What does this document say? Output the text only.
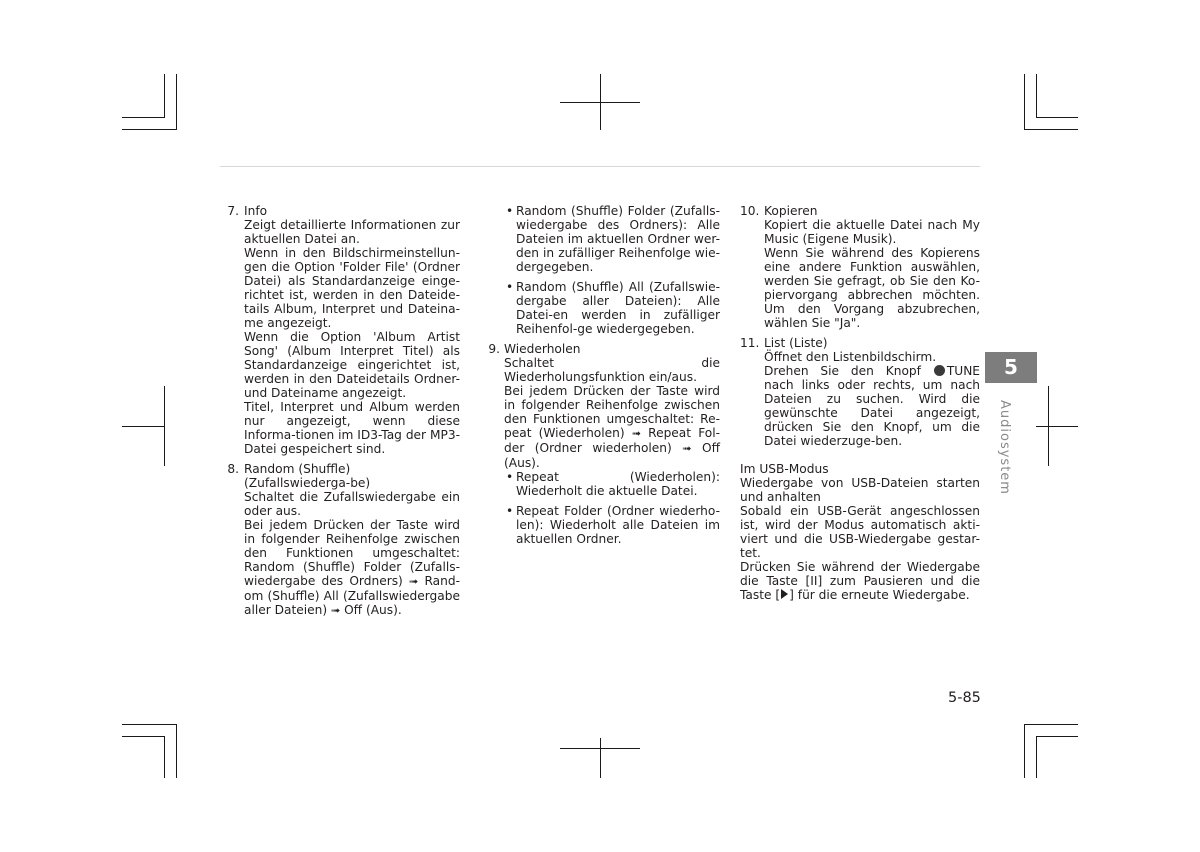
7. Info

Zeigt detaillierte Informationen zur aktuellen Datei an.

Wenn in den Bildschirmeinstellun-gen die Option 'Folder File' (Ordner Datei) als Standardanzeige einge-richtet ist, werden in den Dateide-tails Album, Interpret und Dateina-me angezeigt.

Wenn die Option 'Album Artist Song' (Album Interpret Titel) als Standardanzeige eingerichtet ist, werden in den Dateidetails Ordner- und Dateiname angezeigt.

Titel, Interpret und Album werden nur angezeigt, wenn diese Informa-tionen im ID3-Tag der MP3-Datei gespeichert sind.

8. Random (Shuffle) (Zufallswiederga-be)

Schaltet die Zufallswiedergabe ein oder aus.

Bei jedem Drücken der Taste wird in folgender Reihenfolge zwischen den Funktionen umgeschaltet: Random (Shuffle) Folder (Zufalls-wiedergabe des Ordners) ➟ Rand-om (Shuffle) All (Zufallswiedergabe aller Dateien) ➟ Off (Aus).

• Random (Shuffle) Folder (Zufalls-wiedergabe des Ordners): Alle Dateien im aktuellen Ordner wer-den in zufälliger Reihenfolge wie-dergegeben.
• Random (Shuffle) All (Zufallswie-dergabe aller Dateien): Alle Datei-en werden in zufälliger Reihenfol-ge wiedergegeben.
9. Wiederholen

Schaltet die Wiederholungsfunktion ein/aus.

Bei jedem Drücken der Taste wird in folgender Reihenfolge zwischen den Funktionen umgeschaltet: Re-peat (Wiederholen) ➟ Repeat Fol-der (Ordner wiederholen) ➟ Off (Aus).

• Repeat (Wiederholen): Wiederholt die aktuelle Datei.
• Repeat Folder (Ordner wiederho-len): Wiederholt alle Dateien im aktuellen Ordner.
10. Kopieren

Kopiert die aktuelle Datei nach My Music (Eigene Musik).

Wenn Sie während des Kopierens eine andere Funktion auswählen, werden Sie gefragt, ob Sie den Ko-piervorgang abbrechen möchten. Um den Vorgang abzubrechen, wählen Sie "Ja".

11. List (Liste)

Öffnet den Listenbildschirm.

Drehen Sie den Knopf TUNE nach links oder rechts, um nach Dateien zu suchen. Wird die gewünschte Datei angezeigt, drücken Sie den Knopf, um die Datei wiederzuge-ben.

Im USB-Modus

Wiedergabe von USB-Dateien starten und anhalten

Sobald ein USB-Gerät angeschlossen ist, wird der Modus automatisch akti-viert und die USB-Wiedergabe gestar-tet.

Drücken Sie während der Wiedergabe die Taste [II] zum Pausieren und die Taste [ ] für die erneute Wiedergabe.

5
Audiosystem
5-85
